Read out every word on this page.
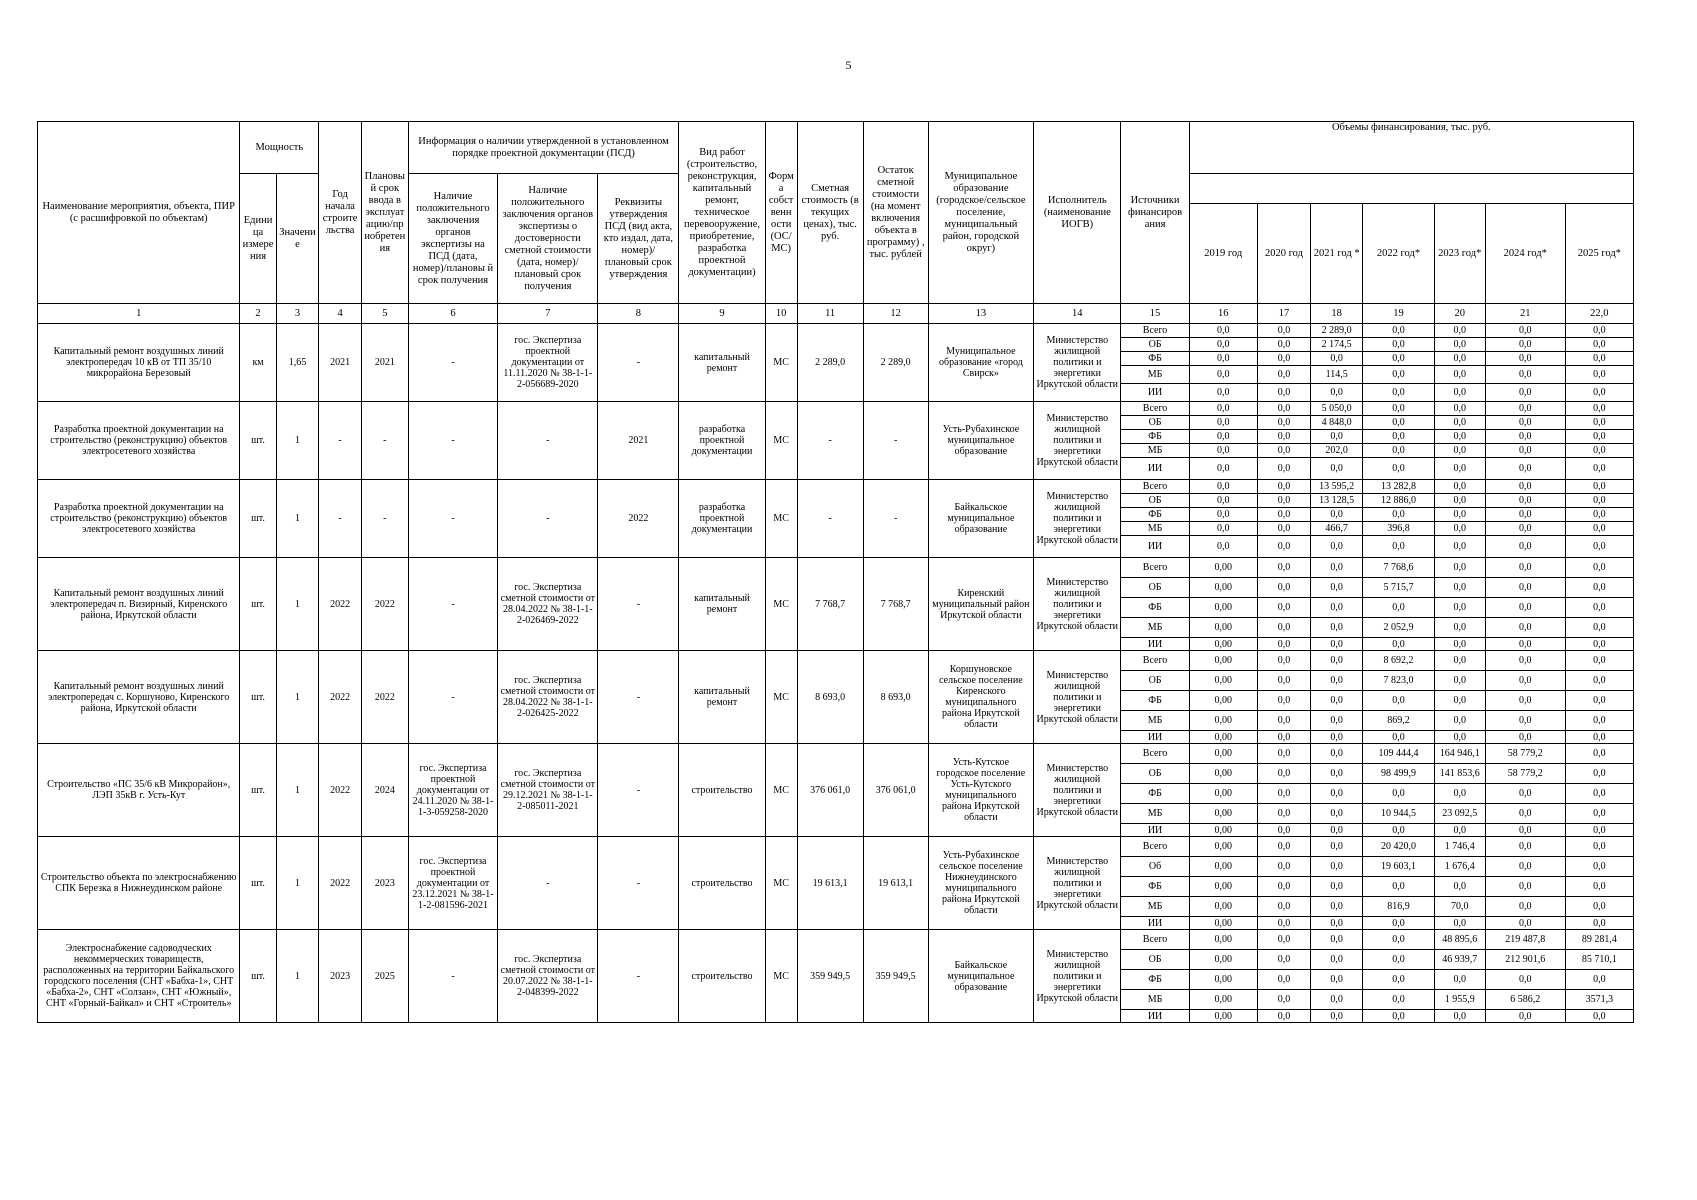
5
Наименование мероприятия, объекта, ПИР (с расшифровкой по объектам)	Мощность		Год начала строите льства	Плановы й срок ввода в эксплуат ацию/пр иобретен ия	Информация о наличии утвержденной в установленном порядке проектной документации (ПСД)			Вид работ (строительство, реконструкция, капитальный ремонт, техническое перевооружение, приобретение, разработка проектной документации)	Форм а собст венн ости (ОС/ МС)	Сметная стоимость (в текущих ценах), тыс. руб.	Остаток сметной стоимости (на момент включения объекта в программу) , тыс. рублей	Муниципальное образование (городское/сельское поселение, муниципальный район, городской округ)	Исполнитель (наименование ИОГВ)	Источники финансиров ания	Объемы финансирования, тыс. руб.						
	Едини ца измере ния	Значени е			Наличие положительного заключения органов экспертизы на ПСД (дата, номер)/плановы й срок получения	Наличие положительного заключения органов экспертизы о достоверности сметной стоимости (дата, номер)/плановый срок получения	Реквизиты утверждения ПСД (вид акта, кто издал, дата, номер)/плановый срок утверждения														
															2019 год	2020 год	2021 год *	2022 год*	2023 год*	2024 год*	2025 год*
1	2	3	4	5	6	7	8	9	10	11	12	13	14	15	16	17	18	19	20	21	22,0
Капитальный ремонт воздушных линий электропередач 10 кВ от ТП 35/10 микрорайона Березовый	км	1,65	2021	2021	-	гос. Экспертиза проектной документации от 11.11.2020 № 38-1-1-2-056689-2020	-	капитальный ремонт	МС	2 289,0	2 289,0	Муниципальное образование «город Свирск»	Министерство жилищной политики и энергетики Иркутской области	Всего	0,0	0,0	2 289,0	0,0	0,0	0,0	0,0
														ОБ	0,0	0,0	2 174,5	0,0	0,0	0,0	0,0
														ФБ	0,0	0,0	0,0	0,0	0,0	0,0	0,0
														МБ	0,0	0,0	114,5	0,0	0,0	0,0	0,0
														ИИ	0,0	0,0	0,0	0,0	0,0	0,0	0,0
Разработка проектной документации на строительство (реконструкцию) объектов электросетевого хозяйства	шт.	1	-	-	-	-	2021	разработка проектной документации	МС	-	-	Усть-Рубахинское муниципальное образование	Министерство жилищной политики и энергетики Иркутской области	Всего	0,0	0,0	5 050,0	0,0	0,0	0,0	0,0
														ОБ	0,0	0,0	4 848,0	0,0	0,0	0,0	0,0
														ФБ	0,0	0,0	0,0	0,0	0,0	0,0	0,0
														МБ	0,0	0,0	202,0	0,0	0,0	0,0	0,0
														ИИ	0,0	0,0	0,0	0,0	0,0	0,0	0,0
Разработка проектной документации на строительство (реконструкцию) объектов электросетевого хозяйства	шт.	1	-	-	-	-	2022	разработка проектной документации	МС	-	-	Байкальское муниципальное образование	Министерство жилищной политики и энергетики Иркутской области	Всего	0,0	0,0	13 595,2	13 282,8	0,0	0,0	0,0
														ОБ	0,0	0,0	13 128,5	12 886,0	0,0	0,0	0,0
														ФБ	0,0	0,0	0,0	0,0	0,0	0,0	0,0
														МБ	0,0	0,0	466,7	396,8	0,0	0,0	0,0
														ИИ	0,0	0,0	0,0	0,0	0,0	0,0	0,0
Капитальный ремонт воздушных линий электропередач п. Визирный, Киренского района, Иркутской области	шт.	1	2022	2022	-	гос. Экспертиза сметной стоимости от 28.04.2022 № 38-1-1-2-026469-2022	-	капитальный ремонт	МС	7 768,7	7 768,7	Киренский муниципальный район Иркутской области	Министерство жилищной политики и энергетики Иркутской области	Всего	0,00	0,0	0,0	7 768,6	0,0	0,0	0,0
														ОБ	0,00	0,0	0,0	5 715,7	0,0	0,0	0,0
														ФБ	0,00	0,0	0,0	0,0	0,0	0,0	0,0
														МБ	0,00	0,0	0,0	2 052,9	0,0	0,0	0,0
														ИИ	0,00	0,0	0,0	0,0	0,0	0,0	0,0
Капитальный ремонт воздушных линий электропередач с. Коршуново, Киренского района, Иркутской области	шт.	1	2022	2022	-	гос. Экспертиза сметной стоимости от 28.04.2022 № 38-1-1-2-026425-2022	-	капитальный ремонт	МС	8 693,0	8 693,0	Коршуновское сельское поселение Киренского муниципального района Иркутской области	Министерство жилищной политики и энергетики Иркутской области	Всего	0,00	0,0	0,0	8 692,2	0,0	0,0	0,0
														ОБ	0,00	0,0	0,0	7 823,0	0,0	0,0	0,0
														ФБ	0,00	0,0	0,0	0,0	0,0	0,0	0,0
														МБ	0,00	0,0	0,0	869,2	0,0	0,0	0,0
														ИИ	0,00	0,0	0,0	0,0	0,0	0,0	0,0
Строительство «ПС 35/6 кВ Микрорайон», ЛЭП 35кВ г. Усть-Кут	шт.	1	2022	2024	гос. Экспертиза проектной документации от 24.11.2020 № 38-1-1-3-059258-2020	гос. Экспертиза сметной стоимости от 29.12.2021 № 38-1-1-2-085011-2021	-	строительство	МС	376 061,0	376 061,0	Усть-Кутское городское поселение Усть-Кутского муниципального района Иркутской области	Министерство жилищной политики и энергетики Иркутской области	Всего	0,00	0,0	0,0	109 444,4	164 946,1	58 779,2	0,0
														ОБ	0,00	0,0	0,0	98 499,9	141 853,6	58 779,2	0,0
														ФБ	0,00	0,0	0,0	0,0	0,0	0,0	0,0
														МБ	0,00	0,0	0,0	10 944,5	23 092,5	0,0	0,0
														ИИ	0,00	0,0	0,0	0,0	0,0	0,0	0,0
Строительство объекта по электроснабжению СПК Березка в Нижнеудинском районе	шт.	1	2022	2023	гос. Экспертиза проектной документации от 23.12.2021 № 38-1-1-2-081596-2021	-	-	строительство	МС	19 613,1	19 613,1	Усть-Рубахинское сельское поселение Нижнеудинского муниципального района Иркутской области	Министерство жилищной политики и энергетики Иркутской области	Всего	0,00	0,0	0,0	20 420,0	1 746,4	0,0	0,0
														Об	0,00	0,0	0,0	19 603,1	1 676,4	0,0	0,0
														ФБ	0,00	0,0	0,0	0,0	0,0	0,0	0,0
														МБ	0,00	0,0	0,0	816,9	70,0	0,0	0,0
														ИИ	0,00	0,0	0,0	0,0	0,0	0,0	0,0
Электроснабжение садоводческих некоммерческих товариществ, расположенных на территории Байкальского городского поселения (СНТ «Бабха-1», СНТ «Бабха-2», СНТ «Солзан», СНТ «Южный», СНТ «Горный-Байкал» и СНТ «Строитель»	шт.	1	2023	2025	-	гос. Экспертиза сметной стоимости от 20.07.2022 № 38-1-1-2-048399-2022	-	строительство	МС	359 949,5	359 949,5	Байкальское муниципальное образование	Министерство жилищной политики и энергетики Иркутской области	Всего	0,00	0,0	0,0	0,0	48 895,6	219 487,8	89 281,4
														ОБ	0,00	0,0	0,0	0,0	46 939,7	212 901,6	85 710,1
														ФБ	0,00	0,0	0,0	0,0	0,0	0,0	0,0
														МБ	0,00	0,0	0,0	0,0	1 955,9	6 586,2	3571,3
														ИИ	0,00	0,0	0,0	0,0	0,0	0,0	0,0
